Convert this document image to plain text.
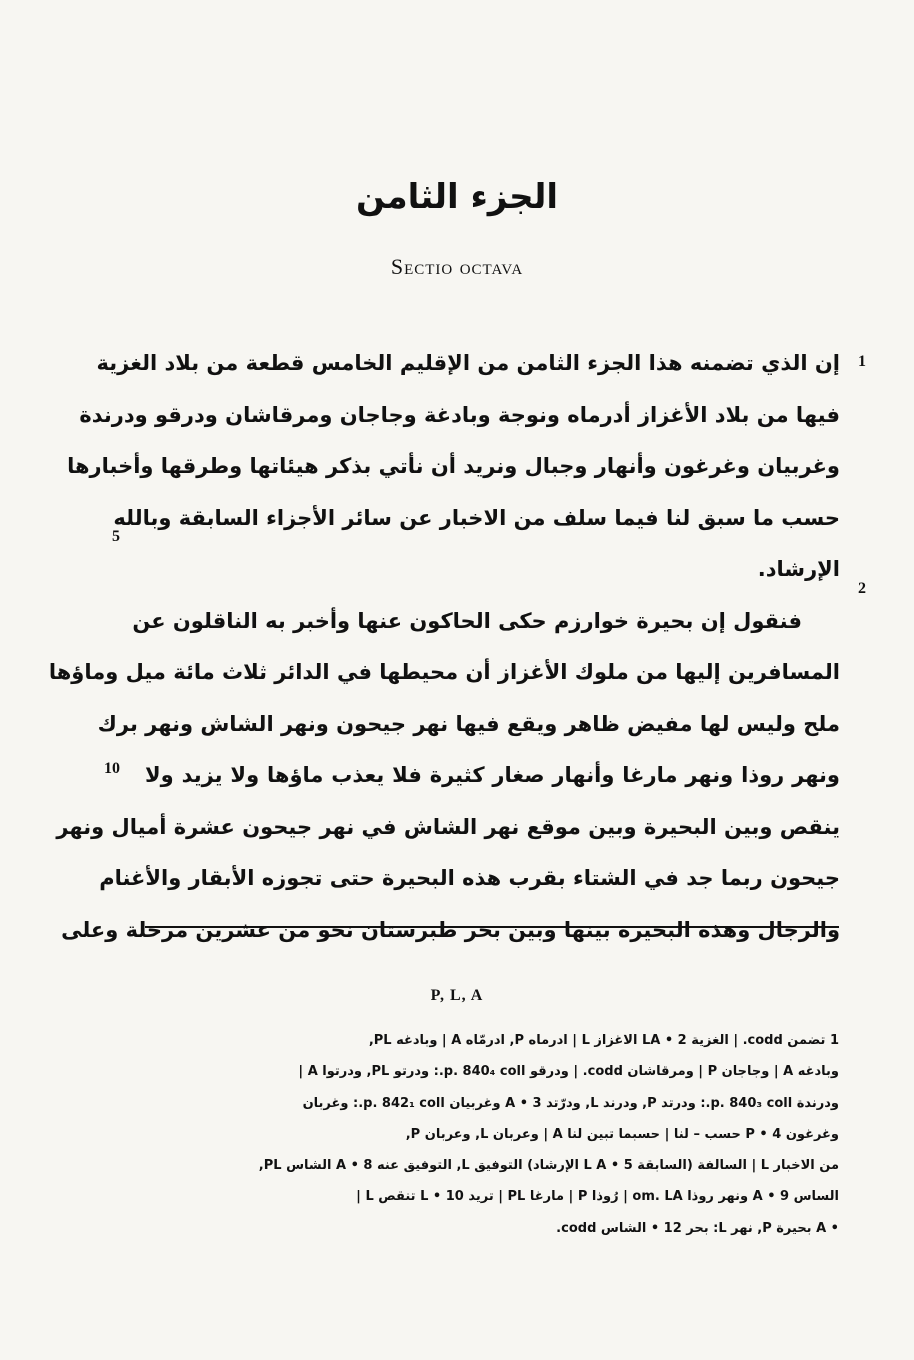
الجزء الثامن
Sectio octava
1
5
2
10
إن الذي تضمنه هذا الجزء الثامن من الإقليم الخامس قطعة من بلاد الغزية
فيها من بلاد الأغزاز أدرماه ونوجة وبادغة وجاجان ومرقاشان ودرقو ودرندة
وغربيان وغرغون وأنهار وجبال ونريد أن نأتي بذكر هيئاتها وطرقها وأخبارها
حسب ما سبق لنا فيما سلف من الاخبار عن سائر الأجزاء السابقة وبالله
الإرشاد.
فنقول إن بحيرة خوارزم حكى الحاكون عنها وأخبر به الناقلون عن
المسافرين إليها من ملوك الأغزاز أن محيطها في الدائر ثلاث مائة ميل وماؤها
ملح وليس لها مفيض ظاهر ويقع فيها نهر جيحون ونهر الشاش ونهر برك
ونهر روذا ونهر مارغا وأنهار صغار كثيرة فلا يعذب ماؤها ولا يزيد ولا
ينقص وبين البحيرة وبين موقع نهر الشاش في نهر جيحون عشرة أميال ونهر
جيحون ربما جد في الشتاء بقرب هذه البحيرة حتى تجوزه الأبقار والأغنام
والرجال وهذه البحيرة بينها وبين بحر طبرستان نحو من عشرين مرحلة وعلى
P, L, A
1 تضمن codd. | الغزية LA • 2 الاغزاز L | ادرماه P, ادرمّاه A | وبادغه PL,
وبادغه A | وجاجان P | ومرقاشان codd. | ودرقو p. 840₄ coll.: ودرتو PL, ودرتوا A |
ودرندة p. 840₃ coll.: ودرتد P, ودرند L, ودرّتد A • 3 وغربيان p. 842₁ coll.: وغربان
وغرغون P • 4 حسب – لنا | حسبما تبين لنا A | وعربان L, وعربان P,
من الاخبار L | السالفة (السابقة L A • 5 الإرشاد) التوفيق L, التوفيق عنه A • 8 الشاس PL,
الساس A • 9 ونهر روذا om. LA | رُوذا P | مارغا PL | تريد L • 10 تنقص L |
• A بحيرة P, نهر L: بحر 12 • الشاس codd.
